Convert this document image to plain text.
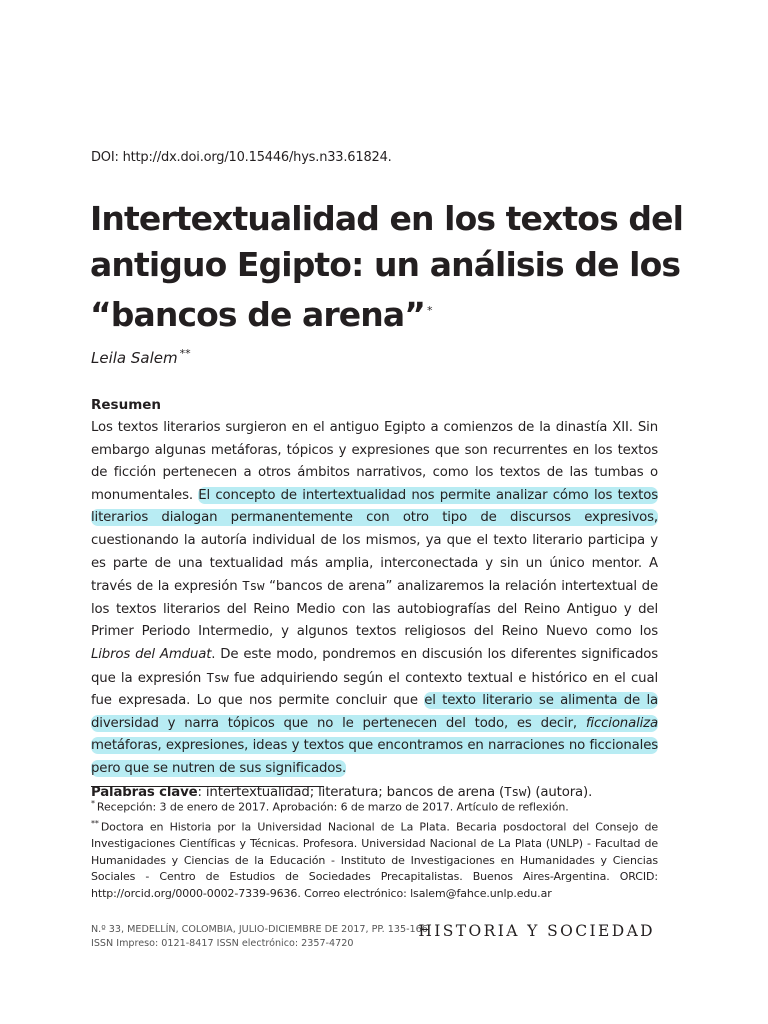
DOI: http://dx.doi.org/10.15446/hys.n33.61824.
Intertextualidad en los textos del antiguo Egipto: un análisis de los “bancos de arena” *
Leila Salem **
Resumen

Los textos literarios surgieron en el antiguo Egipto a comienzos de la dinastía XII. Sin embargo algunas metáforas, tópicos y expresiones que son recurrentes en los textos de ficción pertenecen a otros ámbitos narrativos, como los textos de las tumbas o monumentales. El concepto de intertextualidad nos permite analizar cómo los textos literarios dialogan permanentemente con otro tipo de discursos expresivos, cuestionando la autoría individual de los mismos, ya que el texto literario participa y es parte de una textualidad más amplia, interconectada y sin un único mentor. A través de la expresión Tsw “bancos de arena” analizaremos la relación intertextual de los textos literarios del Reino Medio con las autobiografías del Reino Antiguo y del Primer Periodo Intermedio, y algunos textos religiosos del Reino Nuevo como los Libros del Amduat. De este modo, pondremos en discusión los diferentes significados que la expresión Tsw fue adquiriendo según el contexto textual e histórico en el cual fue expresada. Lo que nos permite concluir que el texto literario se alimenta de la diversidad y narra tópicos que no le pertenecen del todo, es decir, ficcionaliza metáforas, expresiones, ideas y textos que encontramos en narraciones no ficcionales pero que se nutren de sus significados.
Palabras clave: intertextualidad; literatura; bancos de arena (Tsw) (autora).

* Recepción: 3 de enero de 2017. Aprobación: 6 de marzo de 2017. Artículo de reflexión.

** Doctora en Historia por la Universidad Nacional de La Plata. Becaria posdoctoral del Consejo de Investigaciones Científicas y Técnicas. Profesora. Universidad Nacional de La Plata (UNLP) - Facultad de Humanidades y Ciencias de la Educación - Instituto de Investigaciones en Humanidades y Ciencias Sociales - Centro de Estudios de Sociedades Precapitalistas. Buenos Aires-Argentina. ORCID: http://orcid.org/0000-0002-7339-9636. Correo electrónico: lsalem@fahce.unlp.edu.ar

N.º 33, MEDELLÍN, COLOMBIA, JULIO-DICIEMBRE DE 2017, PP. 135-166
ISSN Impreso: 0121-8417 ISSN electrónico: 2357-4720
HISTORIA Y SOCIEDAD
